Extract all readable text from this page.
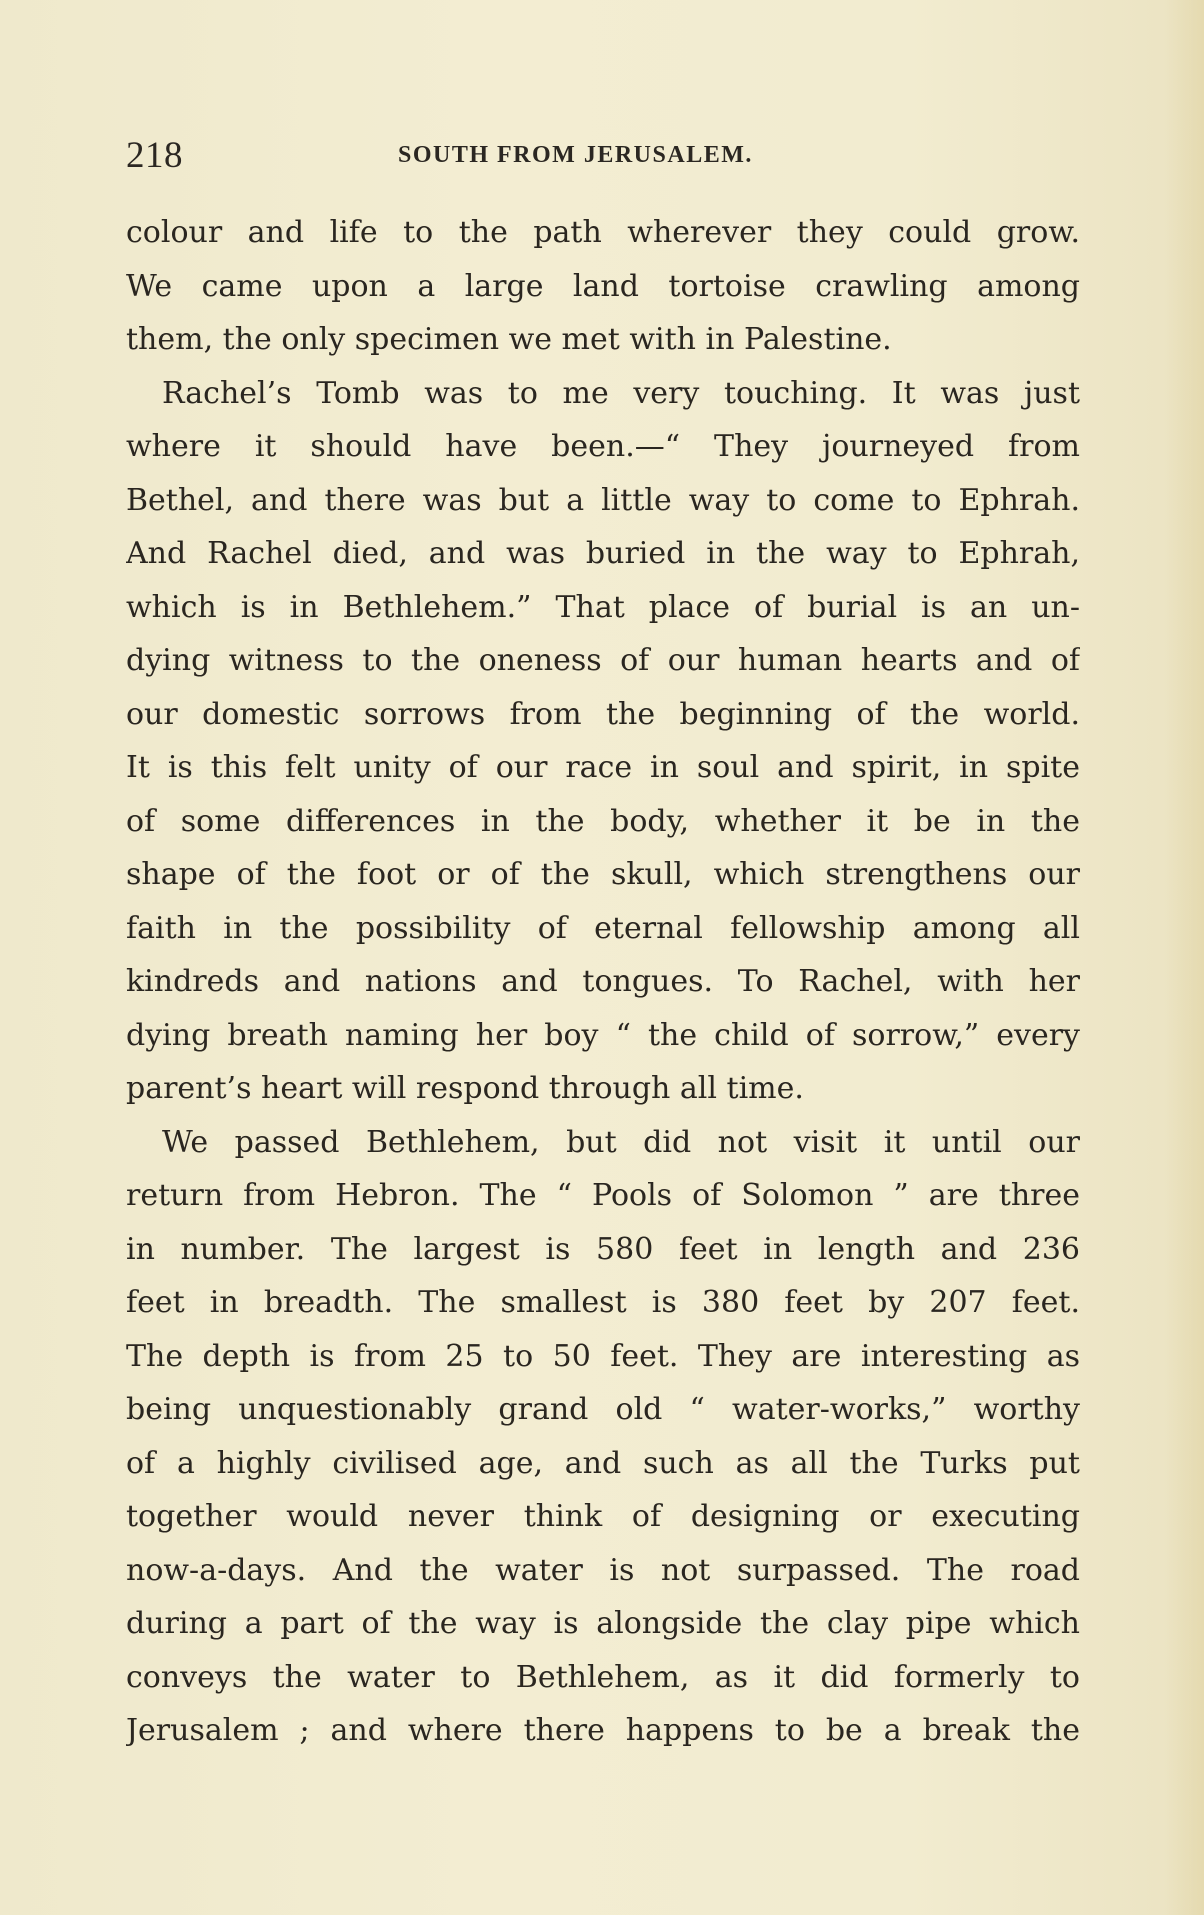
218	SOUTH FROM JERUSALEM.
colour and life to the path wherever they could grow.
We came upon a large land tortoise crawling among
them, the only specimen we met with in Palestine.
Rachel’s Tomb was to me very touching. It was just
where it should have been.—“ They journeyed from
Bethel, and there was but a little way to come to Ephrah.
And Rachel died, and was buried in the way to Ephrah,
which is in Bethlehem.” That place of burial is an un-
dying witness to the oneness of our human hearts and of
our domestic sorrows from the beginning of the world.
It is this felt unity of our race in soul and spirit, in spite
of some differences in the body, whether it be in the
shape of the foot or of the skull, which strengthens our
faith in the possibility of eternal fellowship among all
kindreds and nations and tongues. To Rachel, with her
dying breath naming her boy “ the child of sorrow,” every
parent’s heart will respond through all time.
We passed Bethlehem, but did not visit it until our
return from Hebron. The “ Pools of Solomon ” are three
in number. The largest is 580 feet in length and 236
feet in breadth. The smallest is 380 feet by 207 feet.
The depth is from 25 to 50 feet. They are interesting as
being unquestionably grand old “ water-works,” worthy
of a highly civilised age, and such as all the Turks put
together would never think of designing or executing
now-a-days. And the water is not surpassed. The road
during a part of the way is alongside the clay pipe which
conveys the water to Bethlehem, as it did formerly to
Jerusalem ; and where there happens to be a break the
